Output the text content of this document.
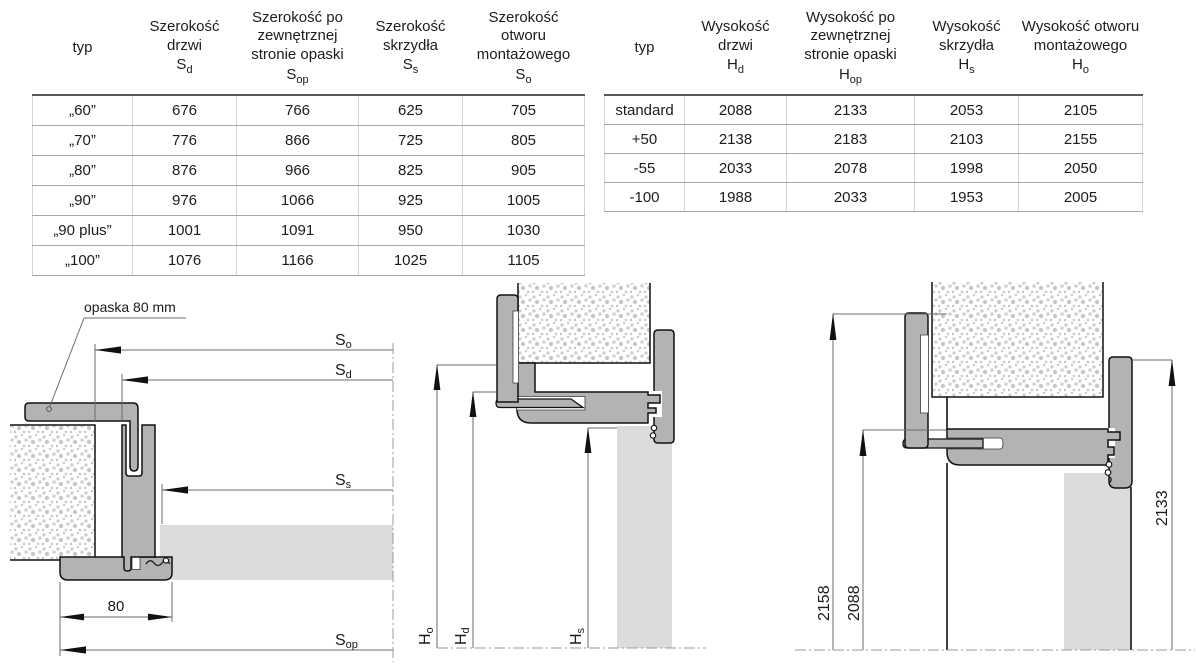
typ

Szerokość drzwi
$S_d$

Szerokość po zewnętrznej stronie opaski
$S_{op}$

Szerokość skrzydła
$S_s$

Szerokość otworu montażowego
$S_o$

„60”	676	766	625	705
„70”	776	866	725	805
„80”	876	966	825	905
„90”	976	1066	925	1005
„90 plus”	1001	1091	950	1030
„100”	1076	1166	1025	1105
typ

Wysokość drzwi
$H_d$

Wysokość po zewnętrznej stronie opaski
$H_{op}$

Wysokość skrzydła
$H_s$

Wysokość otworu montażowego
$H_o$

standard	2088	2133	2053	2105
+50	2138	2183	2103	2155
-55	2033	2078	1998	2050
-100	1988	2033	1953	2005
So
Sd
Ss
Sop
80
opaska 80 mm
Ho
Hd
Hs
2158 2088
2133
